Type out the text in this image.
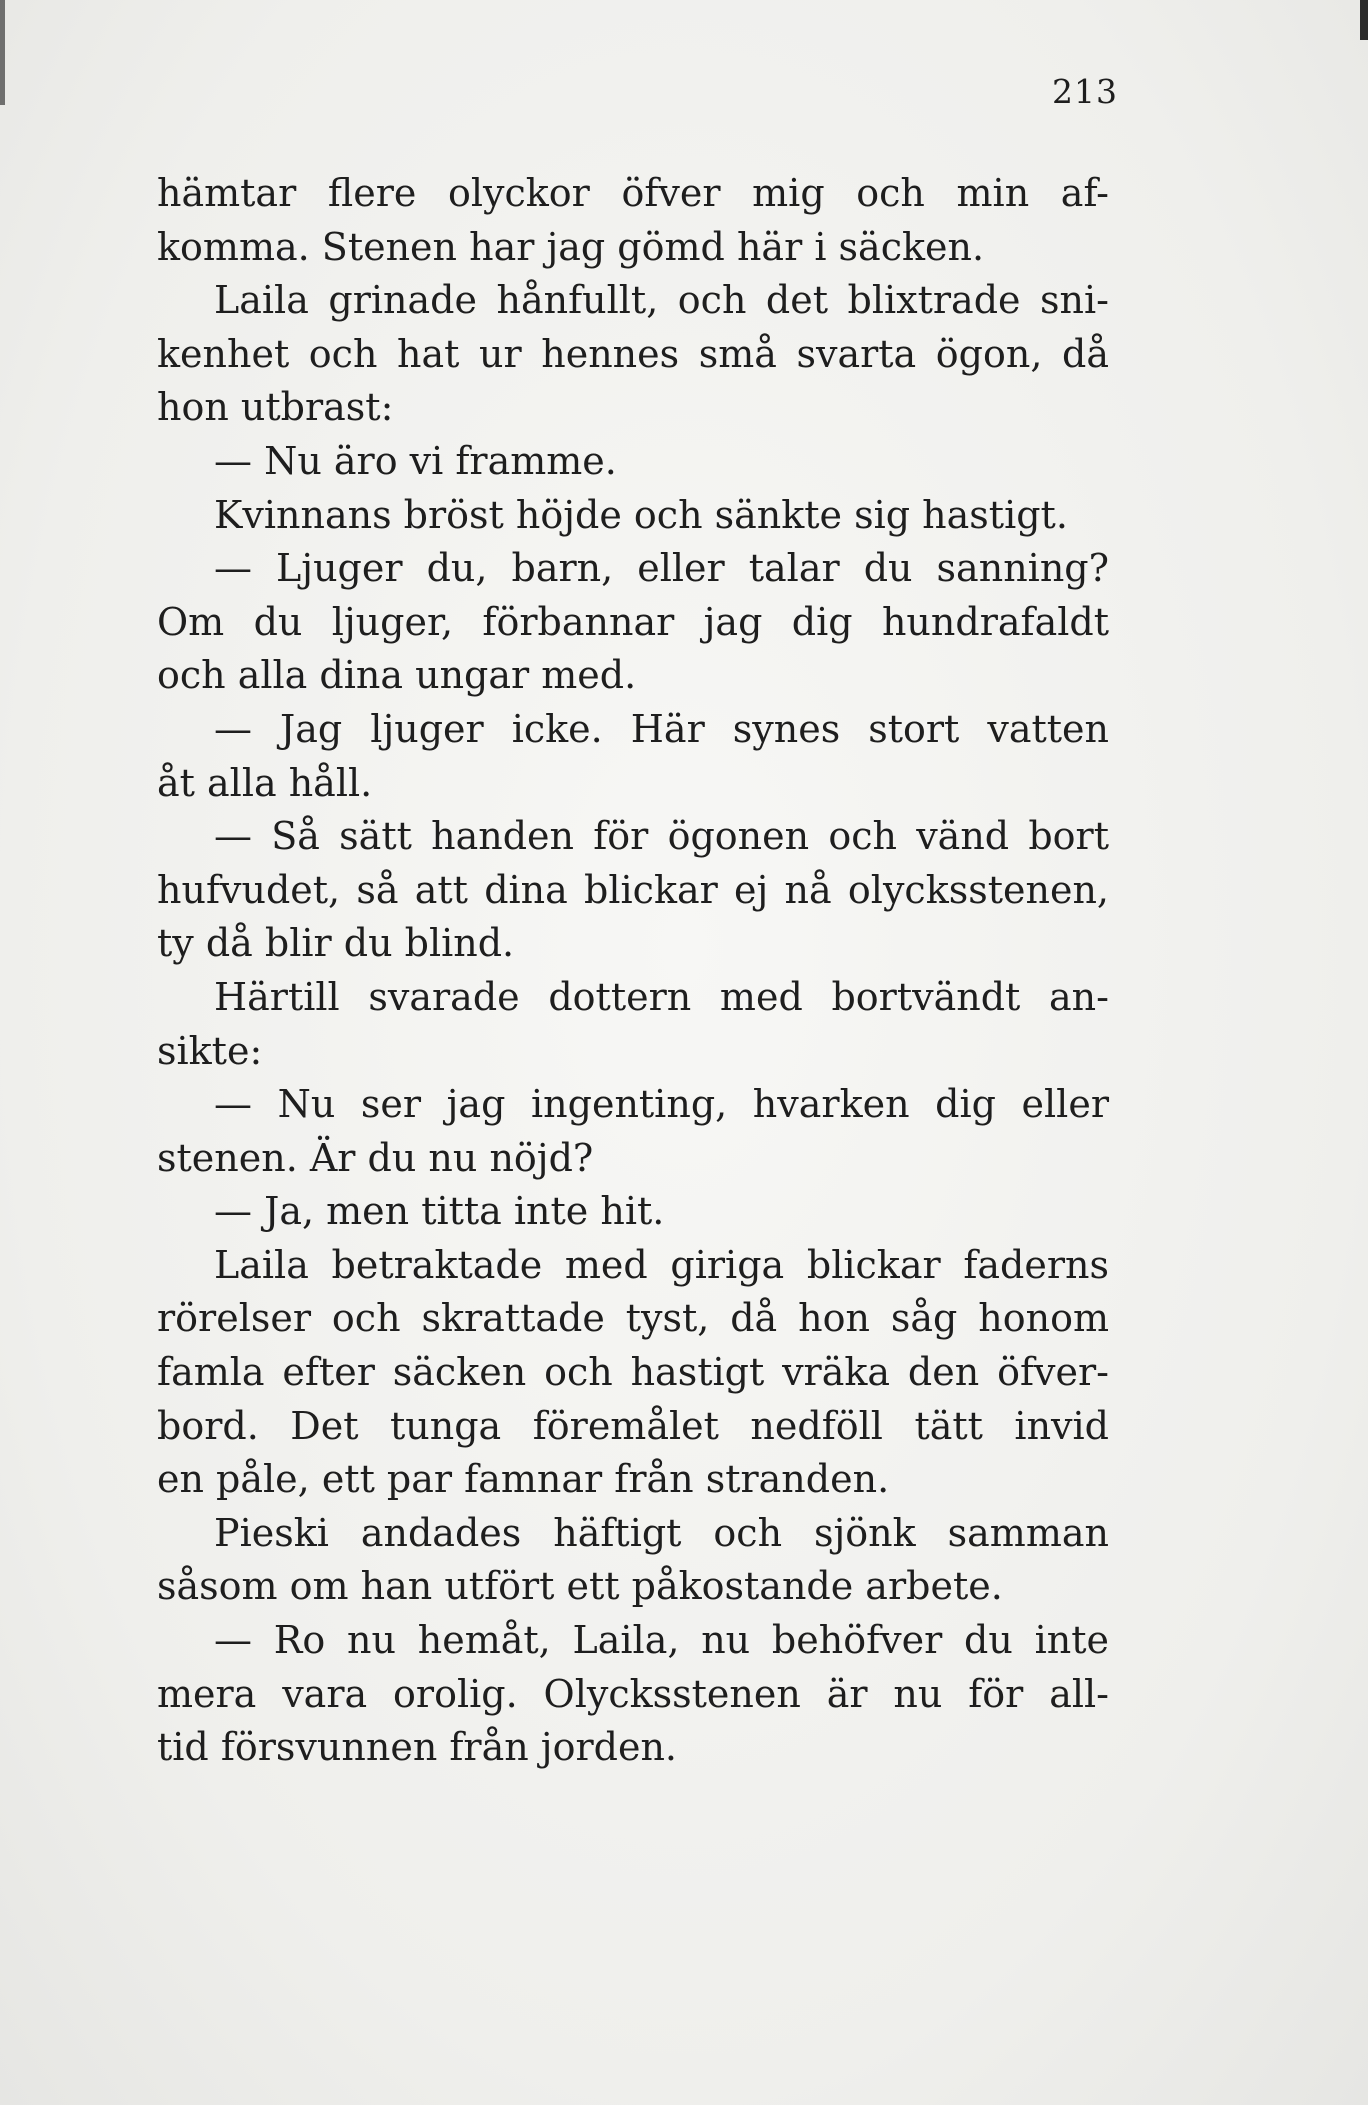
213

hämtar flere olyckor öfver mig och min af-
komma. Stenen har jag gömd här i säcken.
Laila grinade hånfullt, och det blixtrade sni-
kenhet och hat ur hennes små svarta ögon, då
hon utbrast:
— Nu äro vi framme.
Kvinnans bröst höjde och sänkte sig hastigt.
— Ljuger du, barn, eller talar du sanning?
Om du ljuger, förbannar jag dig hundrafaldt
och alla dina ungar med.
— Jag ljuger icke. Här synes stort vatten
åt alla håll.
— Så sätt handen för ögonen och vänd bort
hufvudet, så att dina blickar ej nå olycksstenen,
ty då blir du blind.
Härtill svarade dottern med bortvändt an-
sikte:
— Nu ser jag ingenting, hvarken dig eller
stenen. Är du nu nöjd?
— Ja, men titta inte hit.
Laila betraktade med giriga blickar faderns
rörelser och skrattade tyst, då hon såg honom
famla efter säcken och hastigt vräka den öfver-
bord. Det tunga föremålet nedföll tätt invid
en påle, ett par famnar från stranden.
Pieski andades häftigt och sjönk samman
såsom om han utfört ett påkostande arbete.
— Ro nu hemåt, Laila, nu behöfver du inte
mera vara orolig. Olycksstenen är nu för all-
tid försvunnen från jorden.
